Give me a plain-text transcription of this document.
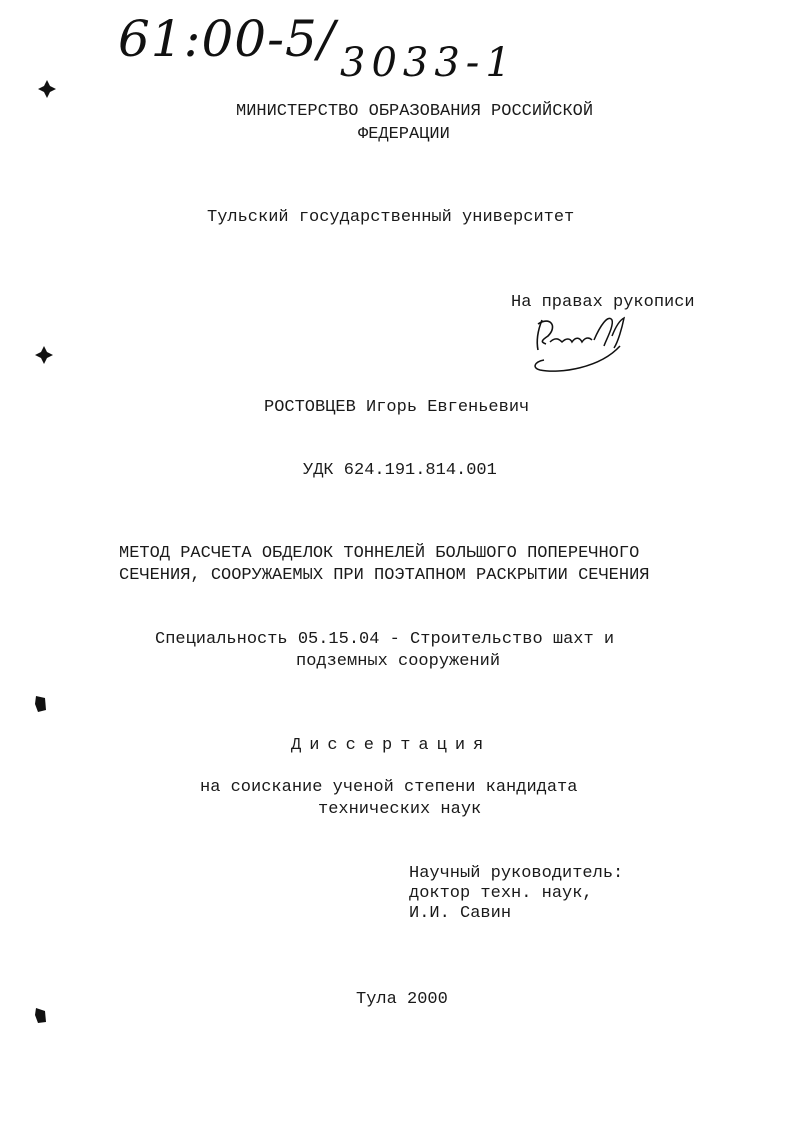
61:00-5/ 3033-1
МИНИСТЕРСТВО ОБРАЗОВАНИЯ РОССИЙСКОЙ
ФЕДЕРАЦИИ
Тульский государственный университет
На правах рукописи
РОСТОВЦЕВ Игорь Евгеньевич
УДК 624.191.814.001
МЕТОД РАСЧЕТА ОБДЕЛОК ТОННЕЛЕЙ БОЛЬШОГО ПОПЕРЕЧНОГО
СЕЧЕНИЯ, СООРУЖАЕМЫХ ПРИ ПОЭТАПНОМ РАСКРЫТИИ СЕЧЕНИЯ
Специальность 05.15.04 - Строительство шахт и
подземных сооружений
Диссертация
на соискание ученой степени кандидата
технических наук
Научный руководитель:
доктор техн. наук,
И.И. Савин
Тула 2000
